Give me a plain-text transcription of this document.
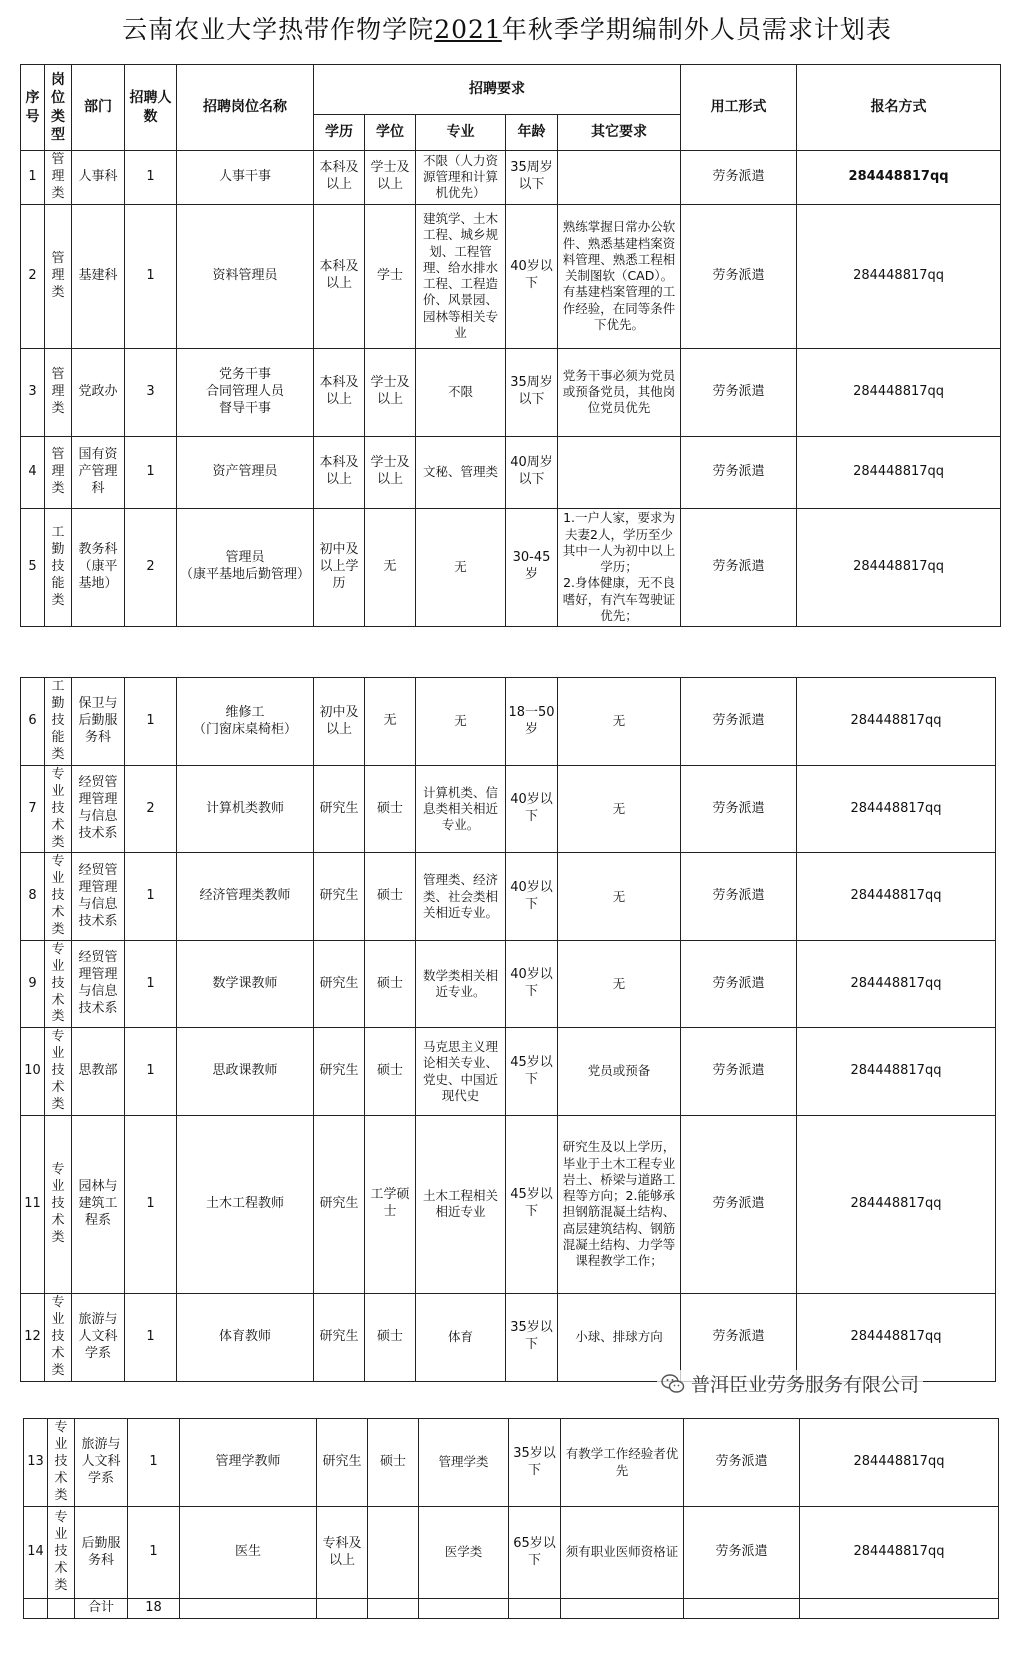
云南农业大学热带作物学院2021年秋季学期编制外人员需求计划表
序号	岗位类型	部门	招聘人数	招聘岗位名称	招聘要求					用工形式	报名方式
					学历	学位	专业	年龄	其它要求		
1	管理类	人事科	1	人事干事	本科及以上	学士及以上	不限（人力资源管理和计算机优先）	35周岁以下		劳务派遣	284448817qq
2	管理类	基建科	1	资料管理员	本科及以上	学士	建筑学、土木工程、城乡规划、工程管理、给水排水工程、工程造价、风景园、园林等相关专业	40岁以下	熟练掌握日常办公软件、熟悉基建档案资料管理、熟悉工程相关制图软（CAD）。有基建档案管理的工作经验，在同等条件下优先。	劳务派遣	284448817qq
3	管理类	党政办	3	党务干事
合同管理人员
督导干事	本科及以上	学士及以上	不限	35周岁以下	党务干事必须为党员或预备党员，其他岗位党员优先	劳务派遣	284448817qq
4	管理类	国有资产管理科	1	资产管理员	本科及以上	学士及以上	文秘、管理类	40周岁以下		劳务派遣	284448817qq
5	工勤技能类	教务科（康平基地）	2	管理员
（康平基地后勤管理）	初中及以上学历	无	无	30-45岁	1.一户人家，要求为夫妻2人，学历至少其中一人为初中以上学历；
2.身体健康，无不良嗜好，有汽车驾驶证优先；	劳务派遣	284448817qq
6	工勤技能类	保卫与后勤服务科	1	维修工
（门窗床桌椅柜）	初中及以上	无	无	18一50岁	无	劳务派遣	284448817qq
7	专业技术类	经贸管理管理与信息技术系	2	计算机类教师	研究生	硕士	计算机类、信息类相关相近专业。	40岁以下	无	劳务派遣	284448817qq
8	专业技术类	经贸管理管理与信息技术系	1	经济管理类教师	研究生	硕士	管理类、经济类、社会类相关相近专业。	40岁以下	无	劳务派遣	284448817qq
9	专业技术类	经贸管理管理与信息技术系	1	数学课教师	研究生	硕士	数学类相关相近专业。	40岁以下	无	劳务派遣	284448817qq
10	专业技术类	思教部	1	思政课教师	研究生	硕士	马克思主义理论相关专业、党史、中国近现代史	45岁以下	党员或预备	劳务派遣	284448817qq
11	专业技术类	园林与建筑工程系	1	土木工程教师	研究生	工学硕士	土木工程相关相近专业	45岁以下	研究生及以上学历，毕业于土木工程专业岩土、桥梁与道路工程等方向；2.能够承担钢筋混凝土结构、高层建筑结构、钢筋混凝土结构、力学等课程教学工作；	劳务派遣	284448817qq
12	专业技术类	旅游与人文科学系	1	体育教师	研究生	硕士	体育	35岁以下	小球、排球方向	劳务派遣	284448817qq
13	专业技术类	旅游与人文科学系	1	管理学教师	研究生	硕士	管理学类	35岁以下	有教学工作经验者优先	劳务派遣	284448817qq
14	专业技术类	后勤服务科	1	医生	专科及以上		医学类	65岁以下	须有职业医师资格证	劳务派遣	284448817qq
		合计	18								
普洱臣业劳务服务有限公司
